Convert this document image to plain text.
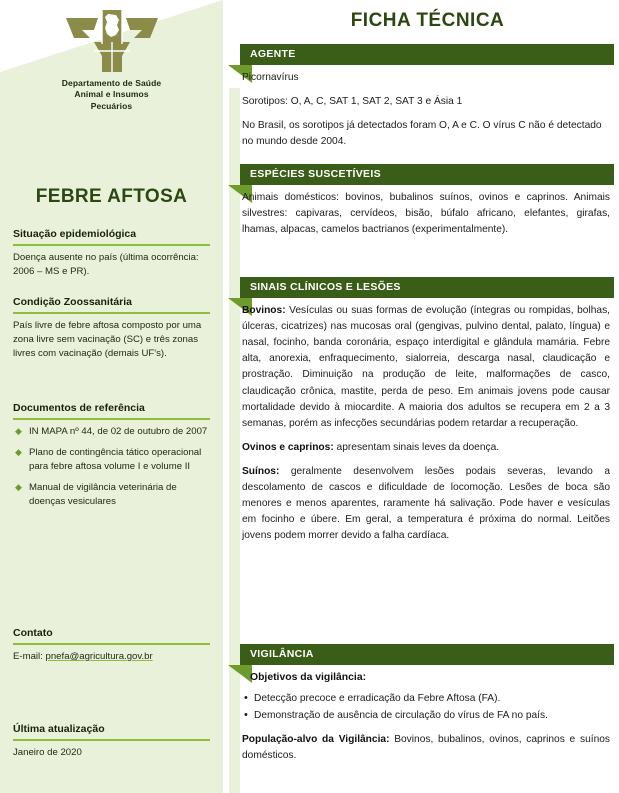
Departamento de Saúde
Animal e Insumos
Pecuários
FEBRE AFTOSA
Situação epidemiológica

Doença ausente no país (última ocorrência: 2006 – MS e PR).

Condição Zoossanitária

País livre de febre aftosa composto por uma zona livre sem vacinação (SC) e três zonas livres com vacinação (demais UF's).

Documentos de referência
◆ IN MAPA nº 44, de 02 de outubro de 2007
◆ Plano de contingência tático operacional para febre aftosa volume I e volume II
◆ Manual de vigilância veterinária de doenças vesiculares
Contato

E-mail: pnefa@agricultura.gov.br

Última atualização

Janeiro de 2020

FICHA TÉCNICA
AGENTE

Picornavírus

Sorotipos: O, A, C, SAT 1, SAT 2, SAT 3 e Ásia 1

No Brasil, os sorotipos já detectados foram O, A e C. O vírus C não é detectado no mundo desde 2004.

ESPÉCIES SUSCETÍVEIS

Animais domésticos: bovinos, bubalinos suínos, ovinos e caprinos. Animais silvestres: capivaras, cervídeos, bisão, búfalo africano, elefantes, girafas, lhamas, alpacas, camelos bactrianos (experimentalmente).

SINAIS CLÍNICOS E LESÕES

Bovinos: Vesículas ou suas formas de evolução (íntegras ou rompidas, bolhas, úlceras, cicatrizes) nas mucosas oral (gengivas, pulvino dental, palato, língua) e nasal, focinho, banda coronária, espaço interdigital e glândula mamária. Febre alta, anorexia, enfraquecimento, sialorreia, descarga nasal, claudicação e prostração. Diminuição na produção de leite, malformações de casco, claudicação crônica, mastite, perda de peso. Em animais jovens pode causar mortalidade devido à miocardite. A maioria dos adultos se recupera em 2 a 3 semanas, porém as infecções secundárias podem retardar a recuperação.

Ovinos e caprinos: apresentam sinais leves da doença.

Suínos: geralmente desenvolvem lesões podais severas, levando a descolamento de cascos e dificuldade de locomoção. Lesões de boca são menores e menos aparentes, raramente há salivação. Pode haver e vesículas em focinho e úbere. Em geral, a temperatura é próxima do normal. Leitões jovens podem morrer devido a falha cardíaca.

VIGILÂNCIA
Objetivos da vigilância:
• Detecção precoce e erradicação da Febre Aftosa (FA).
• Demonstração de ausência de circulação do vírus de FA no país.

População-alvo da Vigilância: Bovinos, bubalinos, ovinos, caprinos e suínos domésticos.
